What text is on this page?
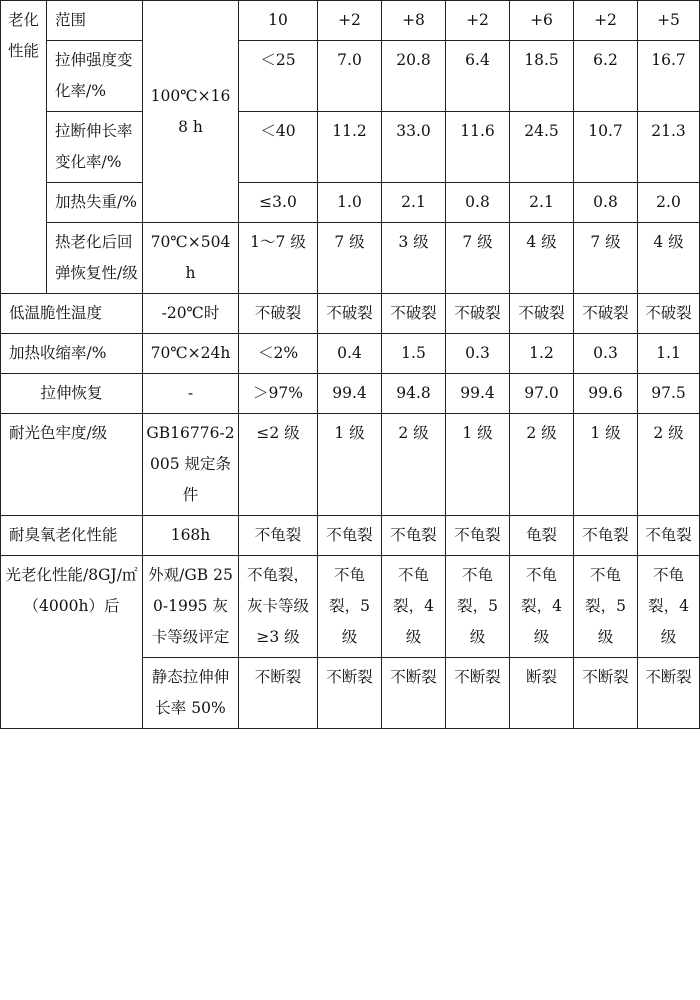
老化性能	范围	100℃×168 h	10	+2	+8	+2	+6	+2	+5
	拉伸强度变化率/%		＜25	7.0	20.8	6.4	18.5	6.2	16.7
	拉断伸长率变化率/%		＜40	11.2	33.0	11.6	24.5	10.7	21.3
	加热失重/%		≤3.0	1.0	2.1	0.8	2.1	0.8	2.0
	热老化后回弹恢复性/级	70℃×504 h	1～7 级	7 级	3 级	7 级	4 级	7 级	4 级
低温脆性温度		-20℃时	不破裂	不破裂	不破裂	不破裂	不破裂	不破裂	不破裂
加热收缩率/%		70℃×24h	＜2%	0.4	1.5	0.3	1.2	0.3	1.1
拉伸恢复		-	＞97%	99.4	94.8	99.4	97.0	99.6	97.5
耐光色牢度/级		GB16776-2005 规定条件	≤2 级	1 级	2 级	1 级	2 级	1 级	2 级
耐臭氧老化性能		168h	不龟裂	不龟裂	不龟裂	不龟裂	龟裂	不龟裂	不龟裂
光老化性能/8GJ/㎡（4000h）后		外观/GB 250-1995 灰卡等级评定	不龟裂，灰卡等级≥3 级	不龟裂，5 级	不龟裂，4 级	不龟裂，5 级	不龟裂，4 级	不龟裂，5 级	不龟裂，4 级
		静态拉伸伸长率 50%	不断裂	不断裂	不断裂	不断裂	断裂	不断裂	不断裂
